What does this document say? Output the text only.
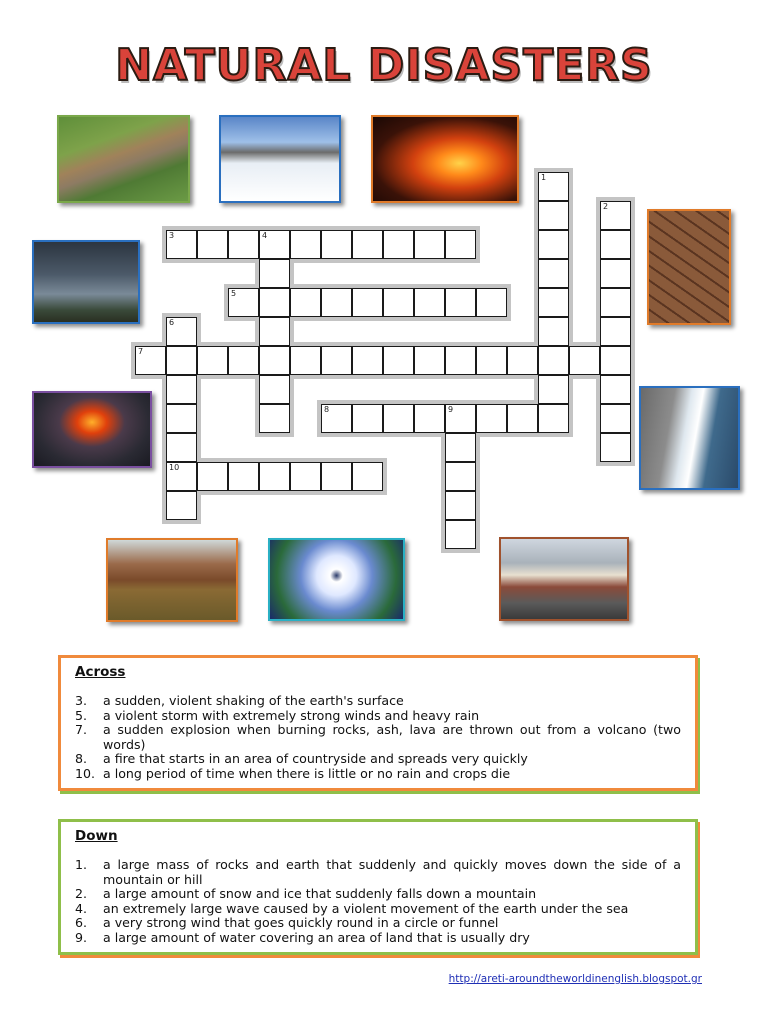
NATURAL DISASTERS
1
2
3	4
5
6
10
7
8	9
Across
3.	a sudden, violent shaking of the earth's surface
5.	a violent storm with extremely strong winds and heavy rain
7.	a sudden explosion when burning rocks, ash, lava are thrown out from a volcano (two words)
8.	a fire that starts in an area of countryside and spreads very quickly
10. a long period of time when there is little or no rain and crops die
Down
1.	a large mass of rocks and earth that suddenly and quickly moves down the side of a mountain or hill
2.	a large amount of snow and ice that suddenly falls down a mountain
4.	an extremely large wave caused by a violent movement of the earth under the sea
6.	a very strong wind that goes quickly round in a circle or funnel
9.	a large amount of water covering an area of land that is usually dry
http://areti-aroundtheworldinenglish.blogspot.gr
